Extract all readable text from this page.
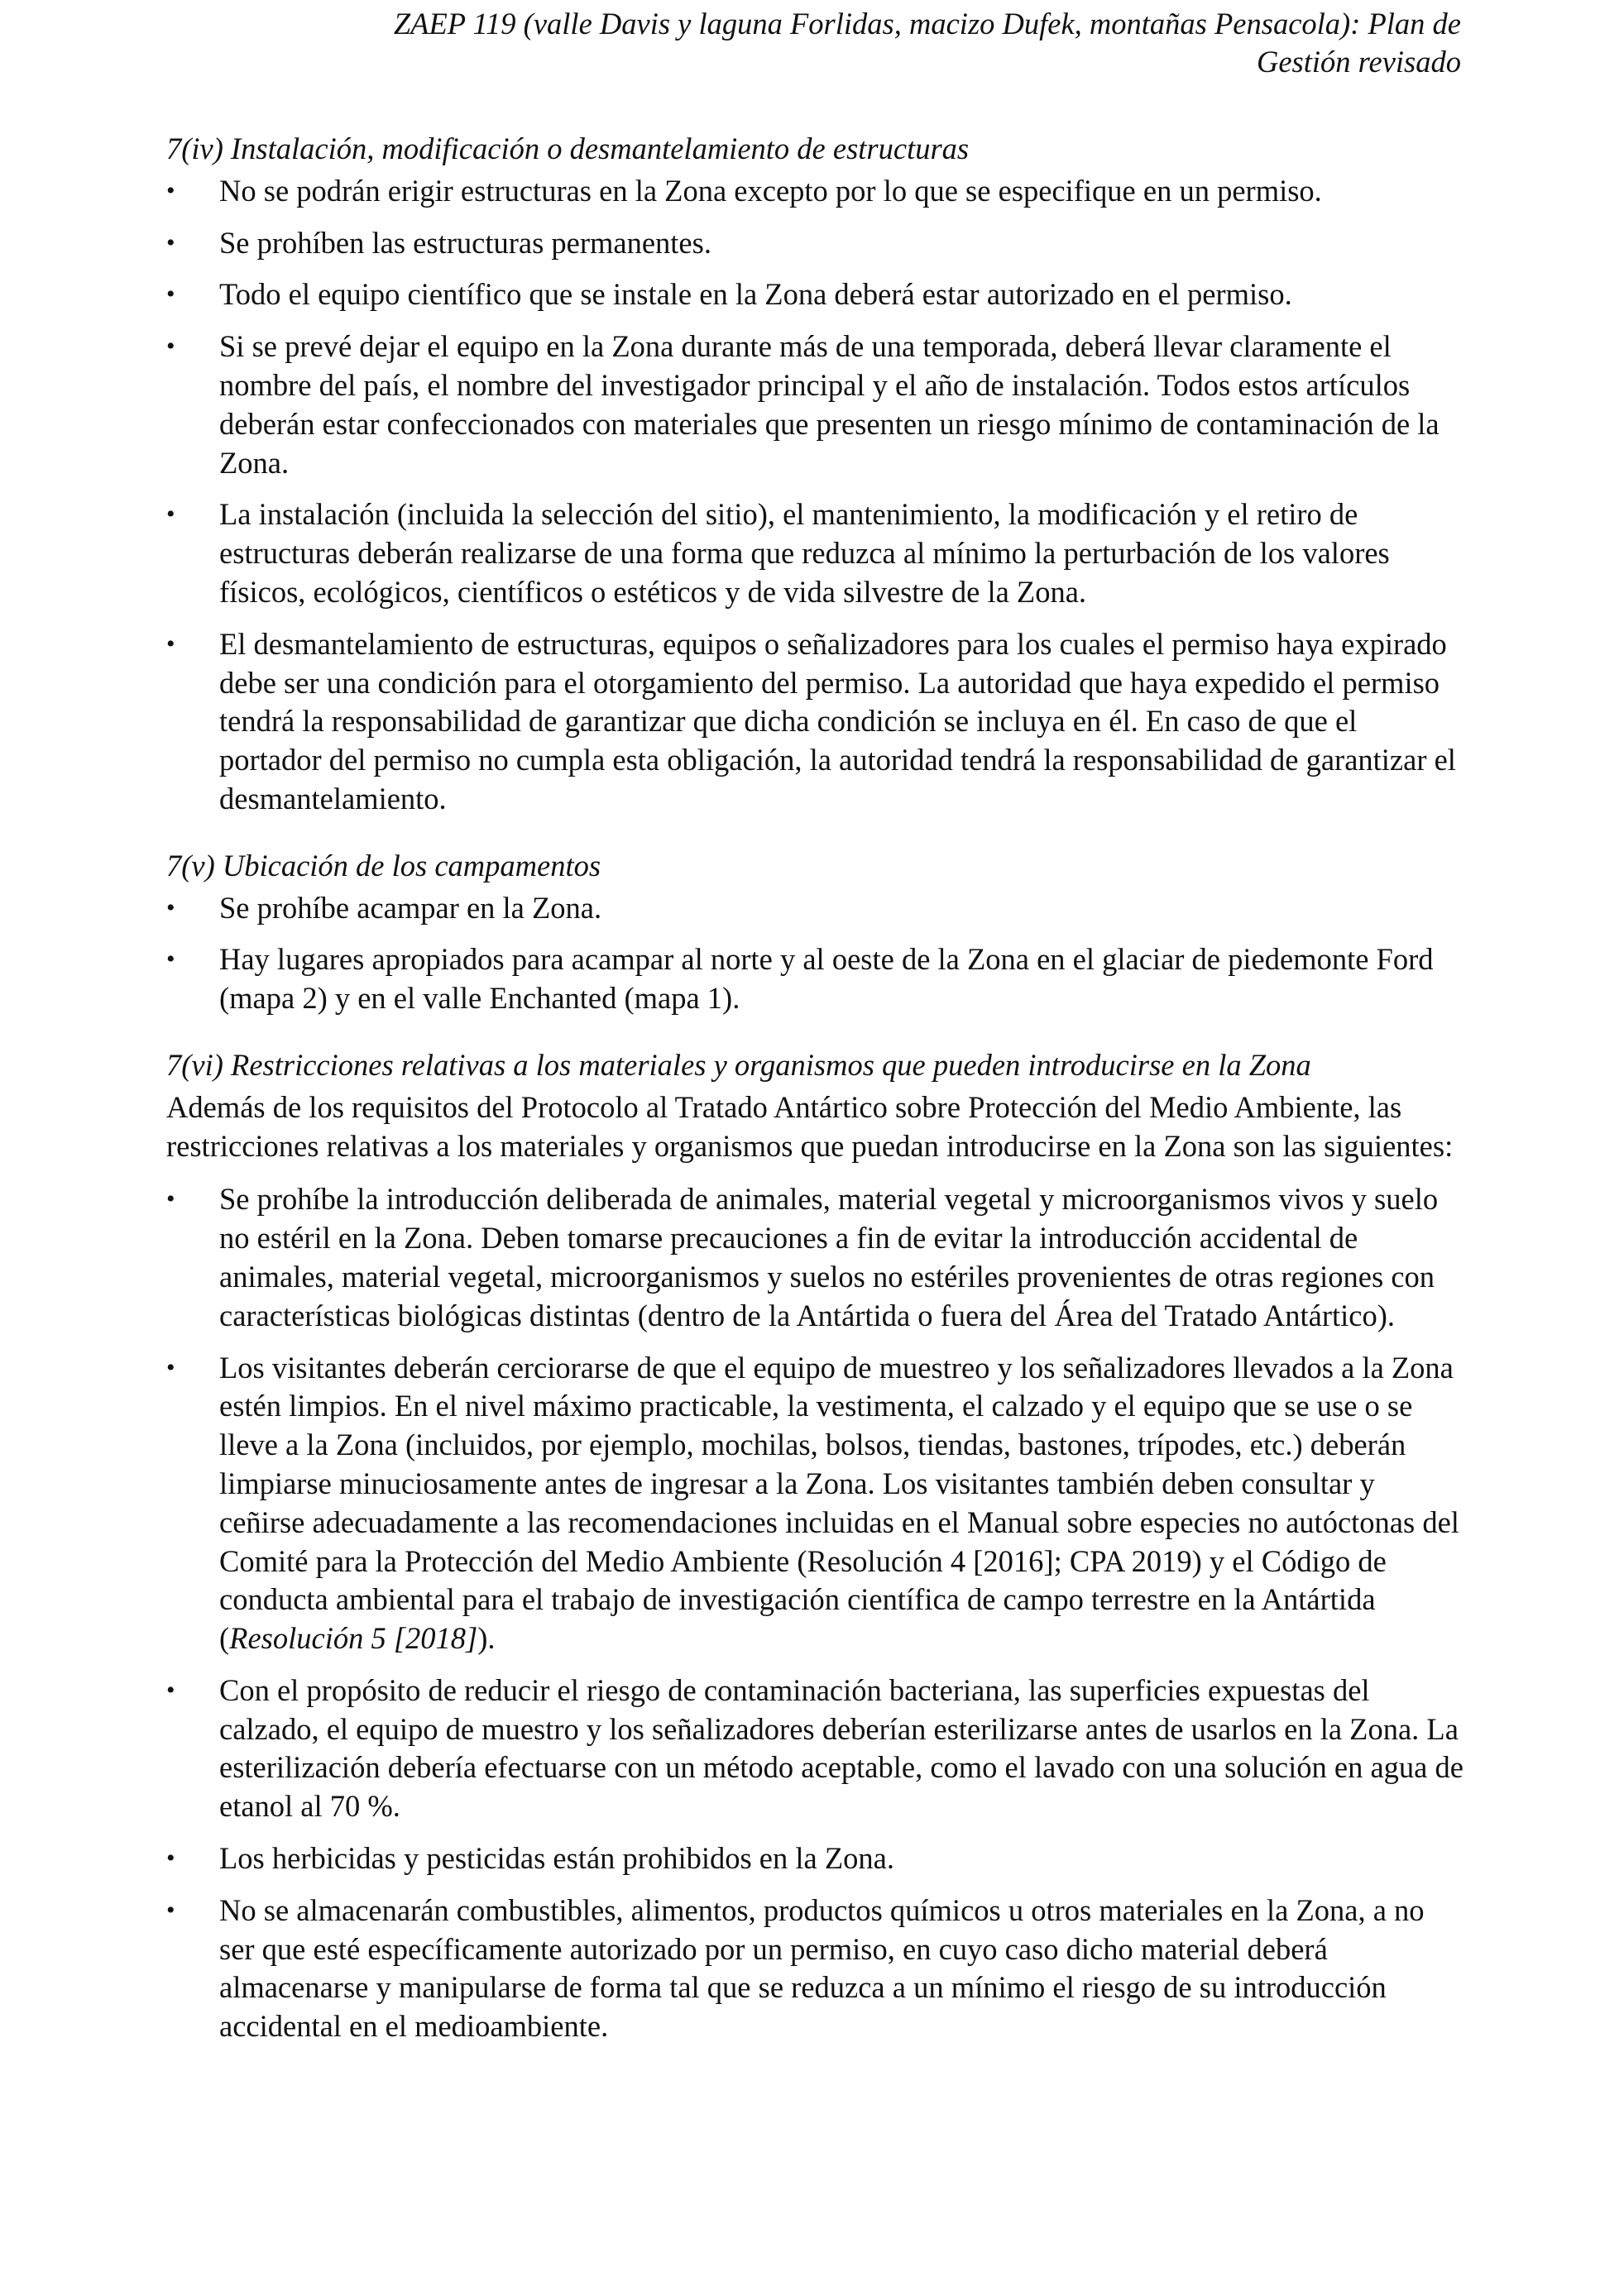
ZAEP 119 (valle Davis y laguna Forlidas, macizo Dufek, montañas Pensacola): Plan de
Gestión revisado
7(iv) Instalación, modificación o desmantelamiento de estructuras
•	No se podrán erigir estructuras en la Zona excepto por lo que se especifique en un permiso.
•	Se prohíben las estructuras permanentes.
•	Todo el equipo científico que se instale en la Zona deberá estar autorizado en el permiso.
•	Si se prevé dejar el equipo en la Zona durante más de una temporada, deberá llevar claramente el nombre del país, el nombre del investigador principal y el año de instalación. Todos estos artículos deberán estar confeccionados con materiales que presenten un riesgo mínimo de contaminación de la Zona.
•	La instalación (incluida la selección del sitio), el mantenimiento, la modificación y el retiro de estructuras deberán realizarse de una forma que reduzca al mínimo la perturbación de los valores físicos, ecológicos, científicos o estéticos y de vida silvestre de la Zona.
•	El desmantelamiento de estructuras, equipos o señalizadores para los cuales el permiso haya expirado debe ser una condición para el otorgamiento del permiso. La autoridad que haya expedido el permiso tendrá la responsabilidad de garantizar que dicha condición se incluya en él. En caso de que el portador del permiso no cumpla esta obligación, la autoridad tendrá la responsabilidad de garantizar el desmantelamiento.
7(v) Ubicación de los campamentos
•	Se prohíbe acampar en la Zona.
•	Hay lugares apropiados para acampar al norte y al oeste de la Zona en el glaciar de piedemonte Ford (mapa 2) y en el valle Enchanted (mapa 1).
7(vi) Restricciones relativas a los materiales y organismos que pueden introducirse en la Zona

Además de los requisitos del Protocolo al Tratado Antártico sobre Protección del Medio Ambiente, las restricciones relativas a los materiales y organismos que puedan introducirse en la Zona son las siguientes:

•	Se prohíbe la introducción deliberada de animales, material vegetal y microorganismos vivos y suelo no estéril en la Zona. Deben tomarse precauciones a fin de evitar la introducción accidental de animales, material vegetal, microorganismos y suelos no estériles provenientes de otras regiones con características biológicas distintas (dentro de la Antártida o fuera del Área del Tratado Antártico).
•	Los visitantes deberán cerciorarse de que el equipo de muestreo y los señalizadores llevados a la Zona estén limpios. En el nivel máximo practicable, la vestimenta, el calzado y el equipo que se use o se lleve a la Zona (incluidos, por ejemplo, mochilas, bolsos, tiendas, bastones, trípodes, etc.) deberán limpiarse minuciosamente antes de ingresar a la Zona. Los visitantes también deben consultar y ceñirse adecuadamente a las recomendaciones incluidas en el Manual sobre especies no autóctonas del Comité para la Protección del Medio Ambiente (Resolución 4 [2016]; CPA 2019) y el Código de conducta ambiental para el trabajo de investigación científica de campo terrestre en la Antártida (Resolución 5 [2018]).
•	Con el propósito de reducir el riesgo de contaminación bacteriana, las superficies expuestas del calzado, el equipo de muestro y los señalizadores deberían esterilizarse antes de usarlos en la Zona. La esterilización debería efectuarse con un método aceptable, como el lavado con una solución en agua de etanol al 70 %.
•	Los herbicidas y pesticidas están prohibidos en la Zona.
•	No se almacenarán combustibles, alimentos, productos químicos u otros materiales en la Zona, a no ser que esté específicamente autorizado por un permiso, en cuyo caso dicho material deberá almacenarse y manipularse de forma tal que se reduzca a un mínimo el riesgo de su introducción accidental en el medioambiente.
